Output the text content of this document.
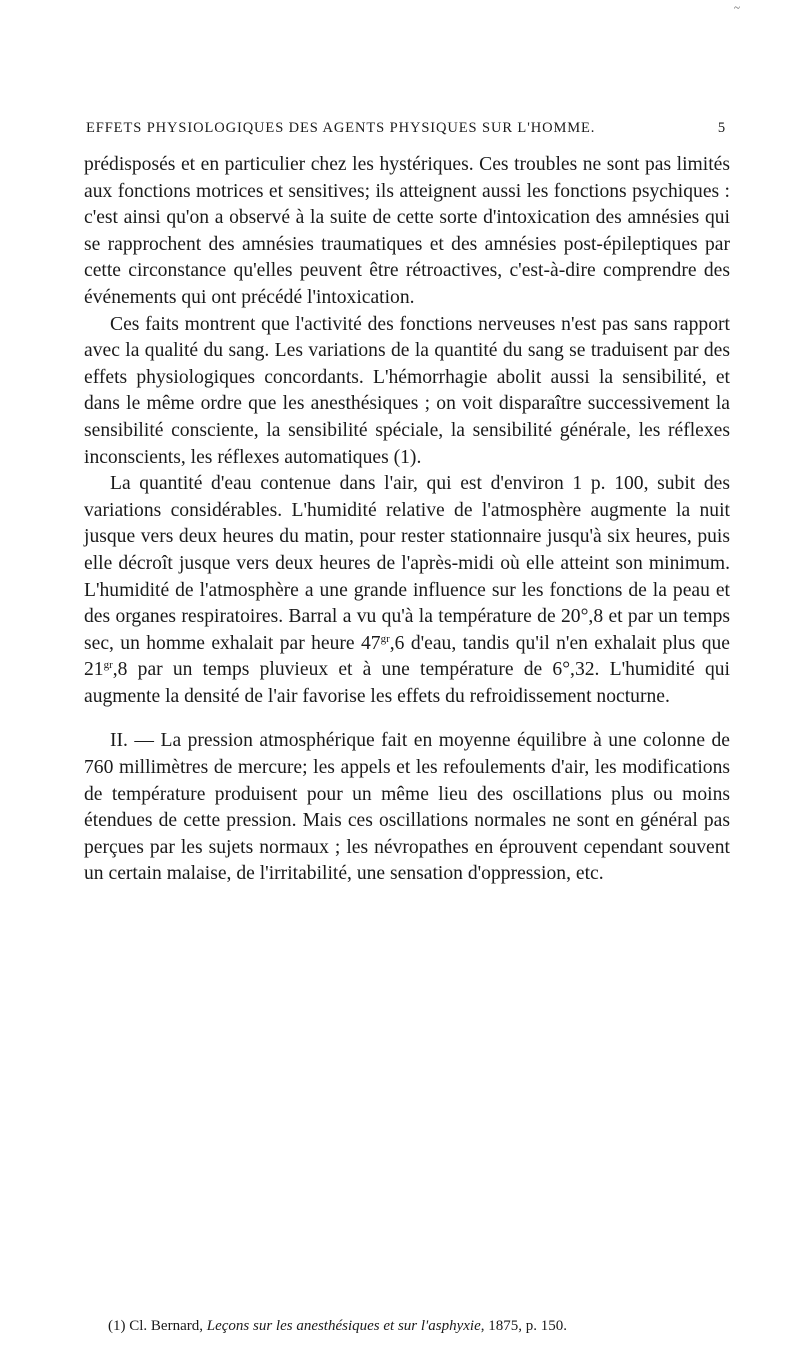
~
EFFETS PHYSIOLOGIQUES DES AGENTS PHYSIQUES SUR L'HOMME.	5

prédisposés et en particulier chez les hystériques. Ces troubles ne sont pas limités aux fonctions motrices et sensitives; ils atteignent aussi les fonctions psychiques : c'est ainsi qu'on a observé à la suite de cette sorte d'intoxication des amnésies qui se rapprochent des amnésies traumatiques et des amnésies post-épileptiques par cette circonstance qu'elles peuvent être rétroactives, c'est-à-dire comprendre des événements qui ont précédé l'intoxication.

Ces faits montrent que l'activité des fonctions nerveuses n'est pas sans rapport avec la qualité du sang. Les variations de la quantité du sang se traduisent par des effets physiologiques concordants. L'hémorrhagie abolit aussi la sensibilité, et dans le même ordre que les anesthésiques ; on voit disparaître successivement la sensibilité consciente, la sensibilité spéciale, la sensibilité générale, les réflexes inconscients, les réflexes automatiques (1).

La quantité d'eau contenue dans l'air, qui est d'environ 1 p. 100, subit des variations considérables. L'humidité relative de l'atmosphère augmente la nuit jusque vers deux heures du matin, pour rester stationnaire jusqu'à six heures, puis elle décroît jusque vers deux heures de l'après-midi où elle atteint son minimum. L'humidité de l'atmosphère a une grande influence sur les fonctions de la peau et des organes respiratoires. Barral a vu qu'à la température de 20°,8 et par un temps sec, un homme exhalait par heure $47^{gr},6$ d'eau, tandis qu'il n'en exhalait plus que $21^{gr},8$ par un temps pluvieux et à une température de 6°,32. L'humidité qui augmente la densité de l'air favorise les effets du refroidissement nocturne.

II. — La pression atmosphérique fait en moyenne équilibre à une colonne de 760 millimètres de mercure; les appels et les refoulements d'air, les modifications de température produisent pour un même lieu des oscillations plus ou moins étendues de cette pression. Mais ces oscillations normales ne sont en général pas perçues par les sujets normaux ; les névropathes en éprouvent cependant souvent un certain malaise, de l'irritabilité, une sensation d'oppression, etc.

(1) Cl. Bernard, Leçons sur les anesthésiques et sur l'asphyxie, 1875, p. 150.
